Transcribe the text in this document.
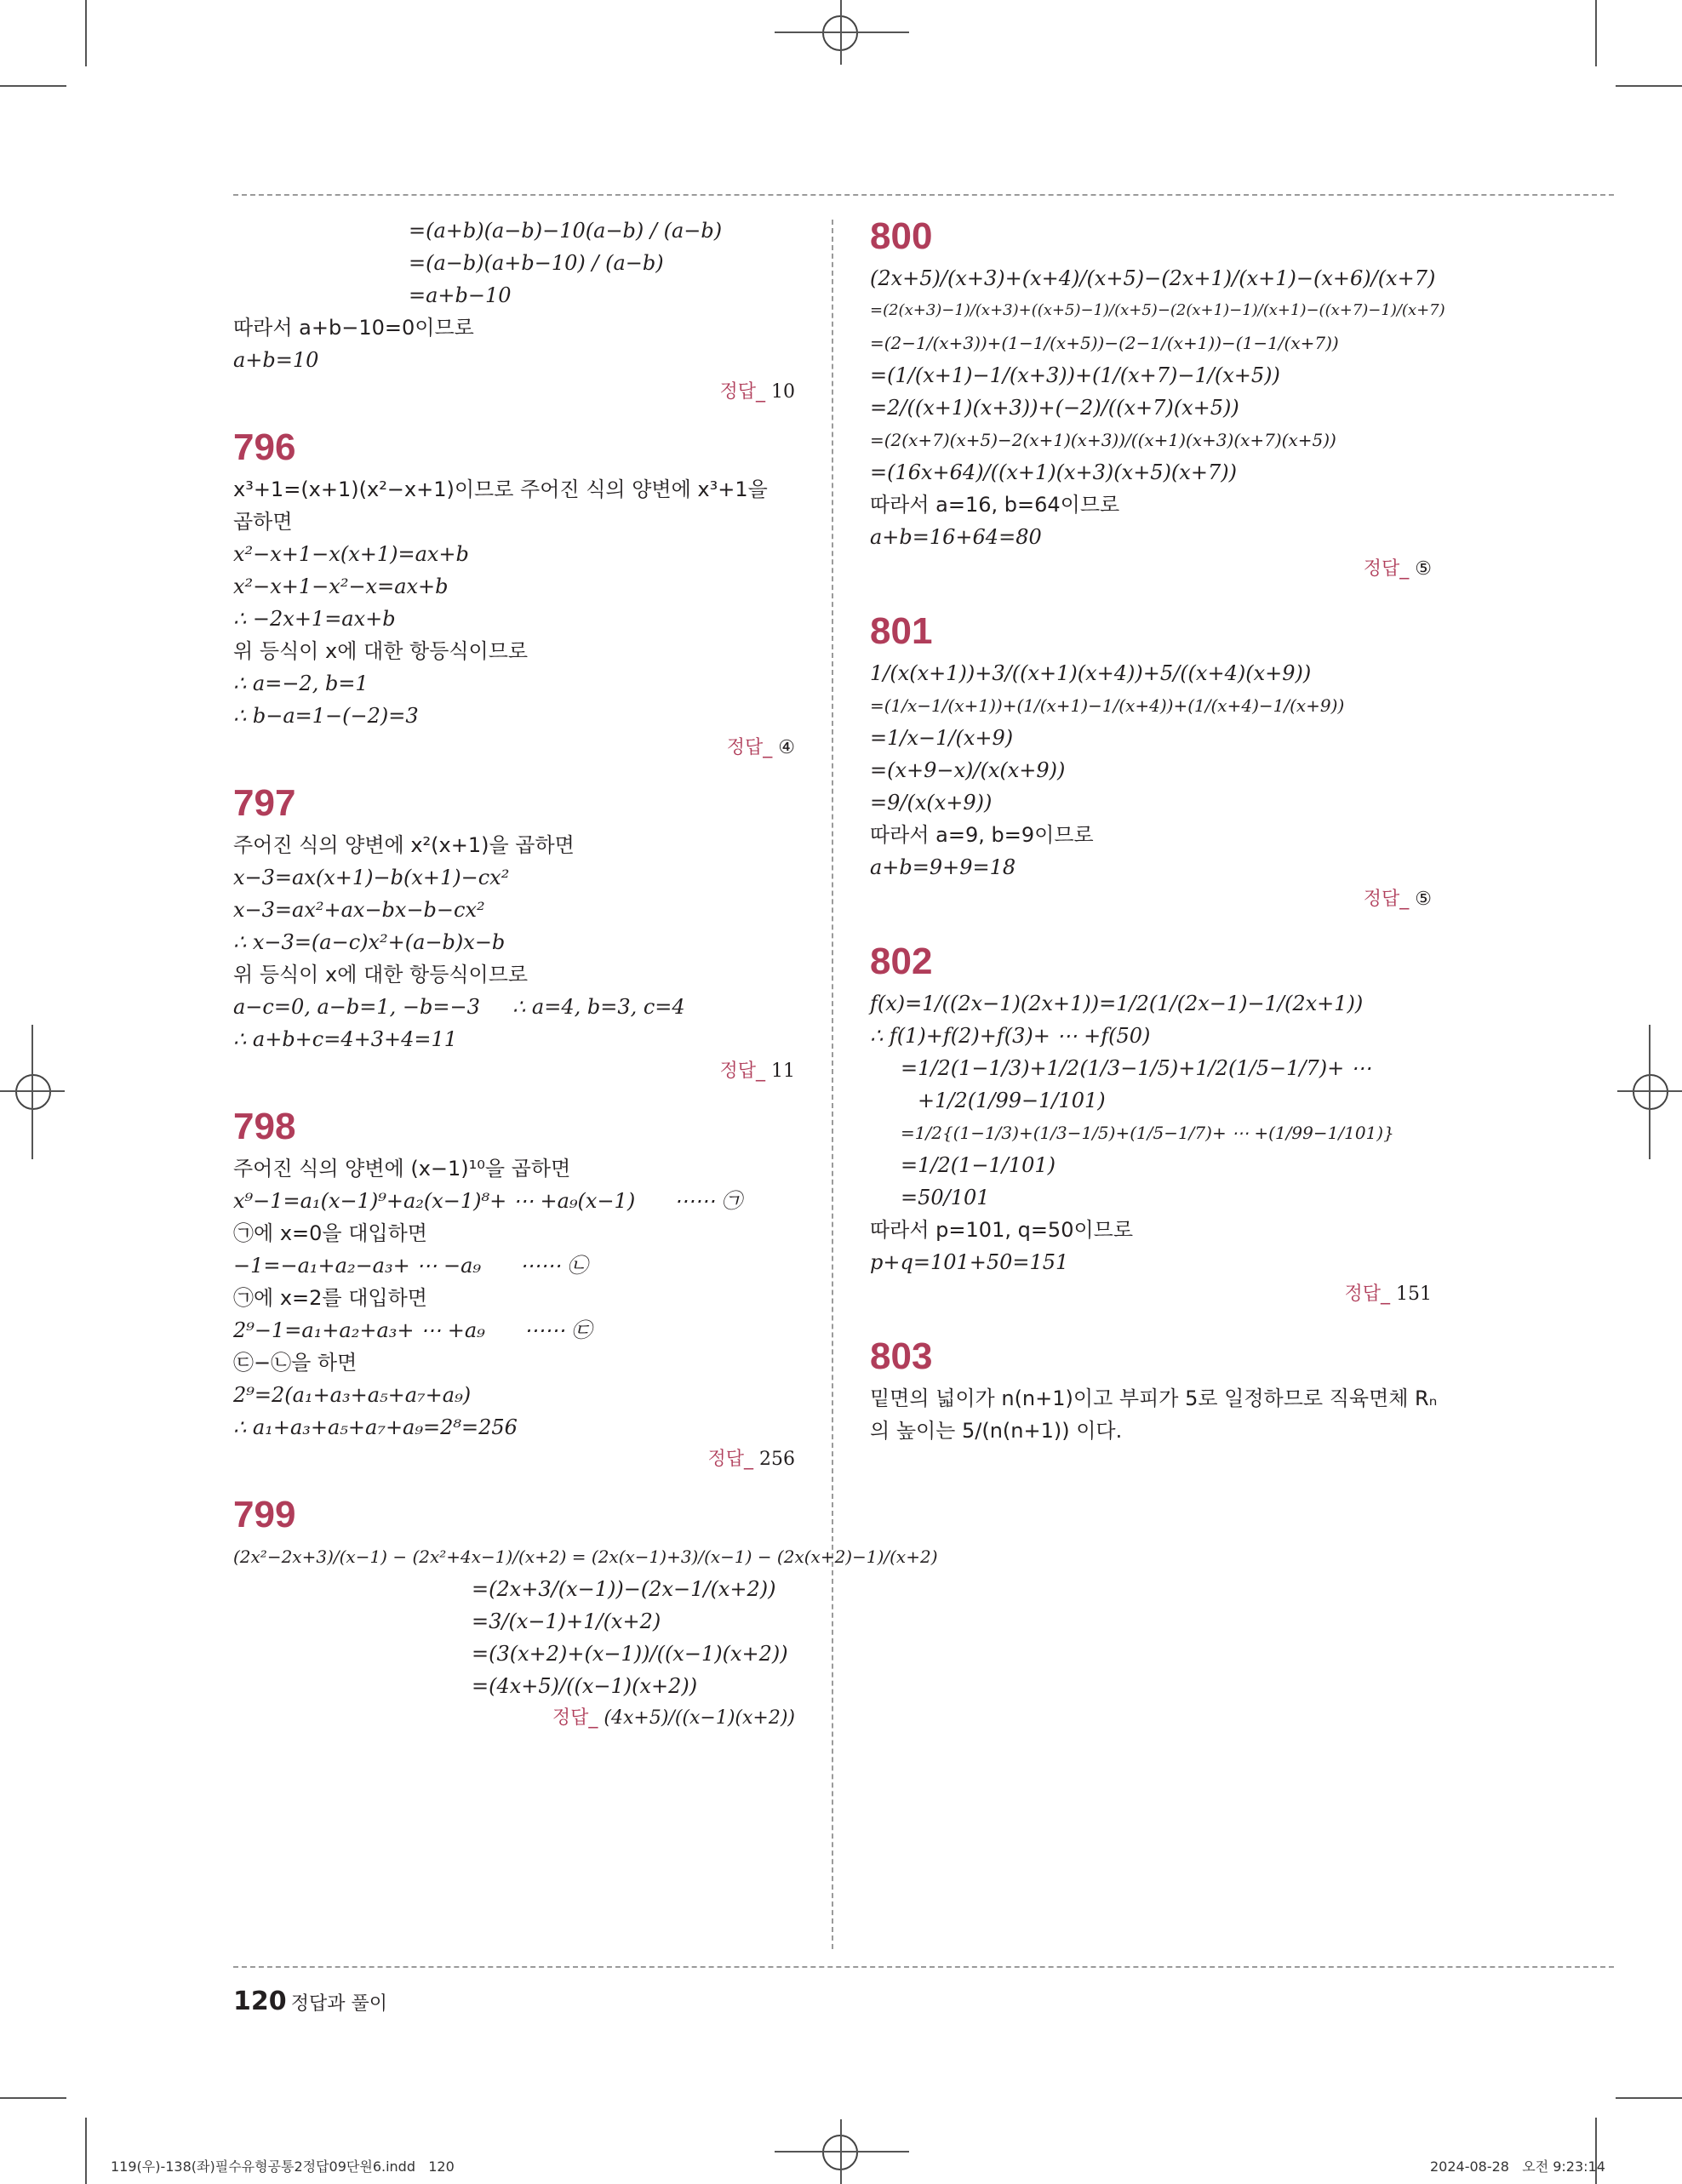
=(a+b)(a−b)−10(a−b) / (a−b)
=(a−b)(a+b−10) / (a−b)
=a+b−10
따라서 a+b−10=0이므로
a+b=10
정답_ 10
796
x³+1=(x+1)(x²−x+1)이므로 주어진 식의 양변에 x³+1을
곱하면
x²−x+1−x(x+1)=ax+b
x²−x+1−x²−x=ax+b
∴ −2x+1=ax+b
위 등식이 x에 대한 항등식이므로
∴ a=−2, b=1
∴ b−a=1−(−2)=3
정답_ ④
797
주어진 식의 양변에 x²(x+1)을 곱하면
x−3=ax(x+1)−b(x+1)−cx²
x−3=ax²+ax−bx−b−cx²
∴ x−3=(a−c)x²+(a−b)x−b
위 등식이 x에 대한 항등식이므로
a−c=0, a−b=1, −b=−3     ∴ a=4, b=3, c=4
∴ a+b+c=4+3+4=11
정답_ 11
798
주어진 식의 양변에 (x−1)¹⁰을 곱하면
x⁹−1=a₁(x−1)⁹+a₂(x−1)⁸+ ⋯ +a₉(x−1)      ⋯⋯ ㉠
㉠에 x=0을 대입하면
−1=−a₁+a₂−a₃+ ⋯ −a₉      ⋯⋯ ㉡
㉠에 x=2를 대입하면
2⁹−1=a₁+a₂+a₃+ ⋯ +a₉      ⋯⋯ ㉢
㉢−㉡을 하면
2⁹=2(a₁+a₃+a₅+a₇+a₉)
∴ a₁+a₃+a₅+a₇+a₉=2⁸=256
정답_ 256
799
(2x²−2x+3)/(x−1) − (2x²+4x−1)/(x+2) = (2x(x−1)+3)/(x−1) − (2x(x+2)−1)/(x+2)
=(2x+3/(x−1))−(2x−1/(x+2))
=3/(x−1)+1/(x+2)
=(3(x+2)+(x−1))/((x−1)(x+2))
=(4x+5)/((x−1)(x+2))
정답_ (4x+5)/((x−1)(x+2))
800
(2x+5)/(x+3)+(x+4)/(x+5)−(2x+1)/(x+1)−(x+6)/(x+7)
=(2(x+3)−1)/(x+3)+((x+5)−1)/(x+5)−(2(x+1)−1)/(x+1)−((x+7)−1)/(x+7)
=(2−1/(x+3))+(1−1/(x+5))−(2−1/(x+1))−(1−1/(x+7))
=(1/(x+1)−1/(x+3))+(1/(x+7)−1/(x+5))
=2/((x+1)(x+3))+(−2)/((x+7)(x+5))
=(2(x+7)(x+5)−2(x+1)(x+3))/((x+1)(x+3)(x+7)(x+5))
=(16x+64)/((x+1)(x+3)(x+5)(x+7))
따라서 a=16, b=64이므로
a+b=16+64=80
정답_ ⑤
801
1/(x(x+1))+3/((x+1)(x+4))+5/((x+4)(x+9))
=(1/x−1/(x+1))+(1/(x+1)−1/(x+4))+(1/(x+4)−1/(x+9))
=1/x−1/(x+9)
=(x+9−x)/(x(x+9))
=9/(x(x+9))
따라서 a=9, b=9이므로
a+b=9+9=18
정답_ ⑤
802
f(x)=1/((2x−1)(2x+1))=1/2(1/(2x−1)−1/(2x+1))
∴ f(1)+f(2)+f(3)+ ⋯ +f(50)
=1/2(1−1/3)+1/2(1/3−1/5)+1/2(1/5−1/7)+ ⋯
+1/2(1/99−1/101)
=1/2{(1−1/3)+(1/3−1/5)+(1/5−1/7)+ ⋯ +(1/99−1/101)}
=1/2(1−1/101)
=50/101
따라서 p=101, q=50이므로
p+q=101+50=151
정답_ 151
803
밑면의 넓이가 n(n+1)이고 부피가 5로 일정하므로 직육면체 Rₙ
의 높이는 5/(n(n+1)) 이다.
120 정답과 풀이
119(우)-138(좌)필수유형공통2정답09단원6.indd   120	2024-08-28   오전 9:23:14
